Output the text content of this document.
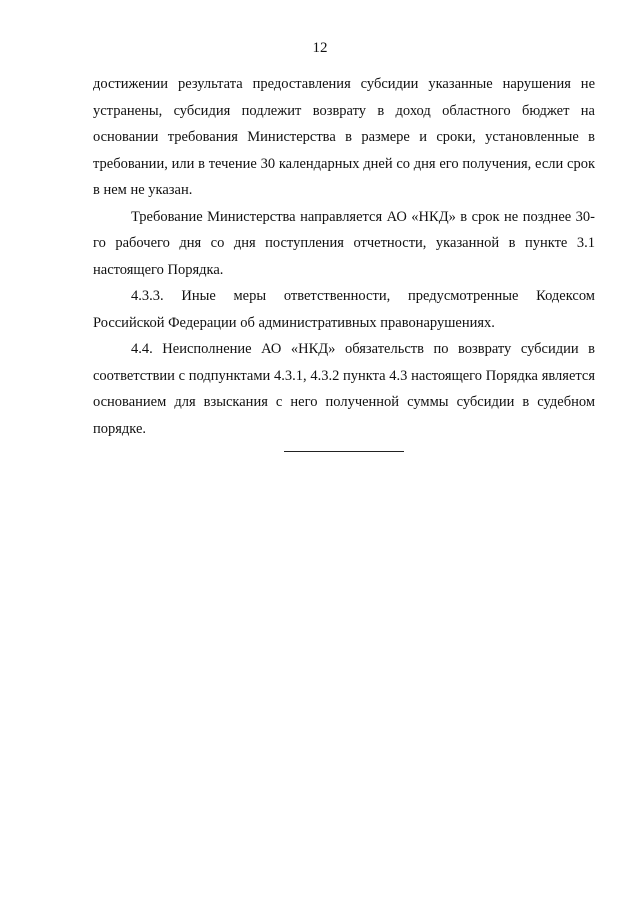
12

достижении результата предоставления субсидии указанные нарушения не устранены, субсидия подлежит возврату в доход областного бюджет на основании требования Министерства в размере и сроки, установленные в требовании, или в течение 30 календарных дней со дня его получения, если срок в нем не указан.

Требование Министерства направляется АО «НКД» в срок не позднее 30-го рабочего дня со дня поступления отчетности, указанной в пункте 3.1 настоящего Порядка.

4.3.3. Иные меры ответственности, предусмотренные Кодексом Российской Федерации об административных правонарушениях.

4.4. Неисполнение АО «НКД» обязательств по возврату субсидии в соответствии с подпунктами 4.3.1, 4.3.2 пункта 4.3 настоящего Порядка является основанием для взыскания с него полученной суммы субсидии в судебном порядке.
